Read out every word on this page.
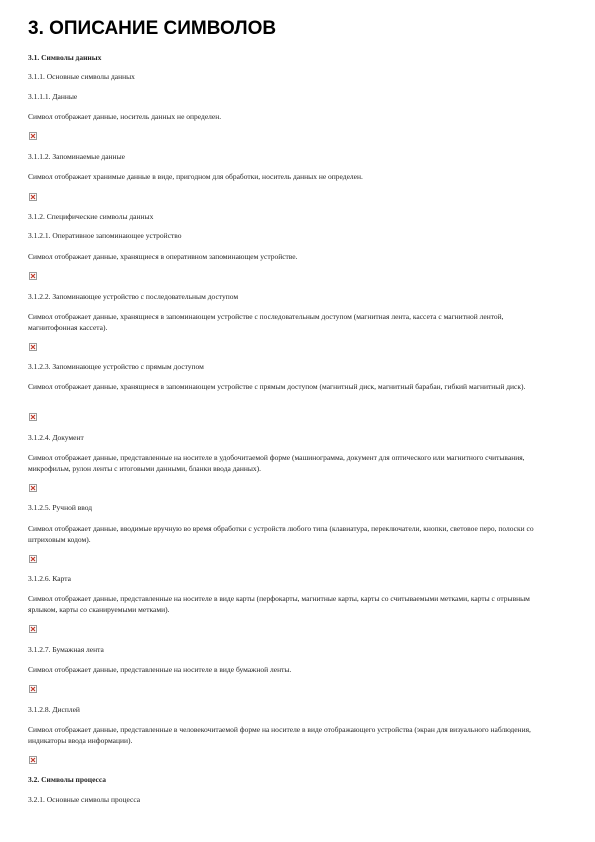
3. ОПИСАНИЕ СИМВОЛОВ

3.1. Символы данных

3.1.1. Основные символы данных

3.1.1.1. Данные

Символ отображает данные, носитель данных не определен.

3.1.1.2. Запоминаемые данные

Символ отображает хранимые данные в виде, пригодном для обработки, носитель данных не определен.

3.1.2. Специфические символы данных

3.1.2.1. Оперативное запоминающее устройство

Символ отображает данные, хранящиеся в оперативном запоминающем устройстве.

3.1.2.2. Запоминающее устройство с последовательным доступом

Символ отображает данные, хранящиеся в запоминающем устройстве с последовательным доступом (магнитная лента, кассета с магнитной лентой, магнитофонная кассета).

3.1.2.3. Запоминающее устройство с прямым доступом

Символ отображает данные, хранящиеся в запоминающем устройстве с прямым доступом (магнитный диск, магнитный барабан, гибкий магнитный диск).

3.1.2.4. Документ

Символ отображает данные, представленные на носителе в удобочитаемой форме (машинограмма, документ для оптического или магнитного считывания, микрофильм, рулон ленты с итоговыми данными, бланки ввода данных).

3.1.2.5. Ручной ввод

Символ отображает данные, вводимые вручную во время обработки с устройств любого типа (клавиатура, переключатели, кнопки, световое перо, полоски со штриховым кодом).

3.1.2.6. Карта

Символ отображает данные, представленные на носителе в виде карты (перфокарты, магнитные карты, карты со считываемыми метками, карты с отрывным ярлыком, карты со сканируемыми метками).

3.1.2.7. Бумажная лента

Символ отображает данные, представленные на носителе в виде бумажной ленты.

3.1.2.8. Дисплей

Символ отображает данные, представленные в человекочитаемой форме на носителе в виде отображающего устройства (экран для визуального наблюдения, индикаторы ввода информации).

3.2. Символы процесса

3.2.1. Основные символы процесса
